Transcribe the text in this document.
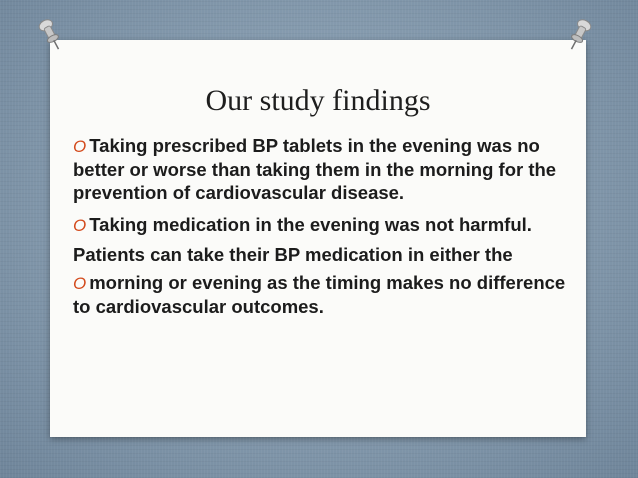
Our study findings

O Taking prescribed BP tablets in the evening was no better or worse than taking them in the morning for the prevention of cardiovascular disease.

O Taking medication in the evening was not harmful. Patients can take their BP medication in either the

O morning or evening as the timing makes no difference to cardiovascular outcomes.
